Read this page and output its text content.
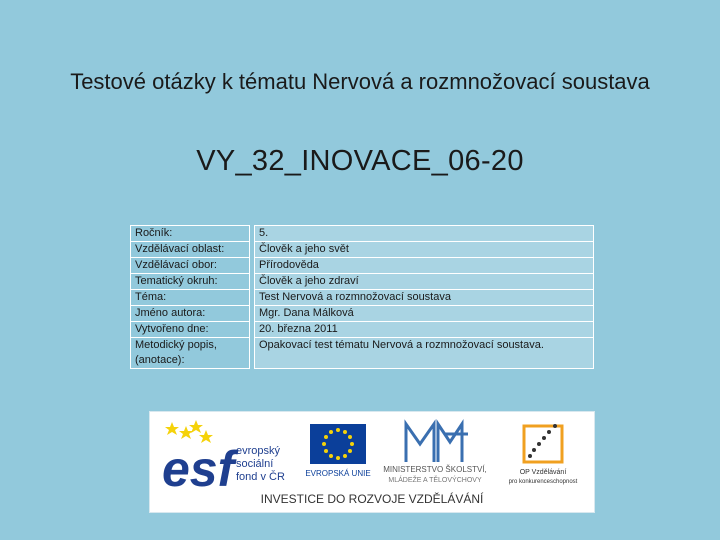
Testové otázky k tématu Nervová a rozmnožovací soustava
VY_32_INOVACE_06-20
Ročník:		5.
Vzdělávací oblast:		Člověk a jeho svět
Vzdělávací obor:		Přírodověda
Tematický okruh:		Člověk a jeho zdraví
Téma:		Test Nervová a rozmnožovací soustava
Jméno autora:		Mgr. Dana Málková
Vytvořeno dne:		20. března 2011
Metodický popis, (anotace):		Opakovací test tématu Nervová a rozmnožovací soustava.
esf evropský
sociální
fond v ČR	EVROPSKÁ UNIE MINISTERSTVO ŠKOLSTVÍ,
MLÁDEŽE A TĚLOVÝCHOVY
OP Vzdělávání
pro konkurenceschopnost
INVESTICE DO ROZVOJE VZDĚLÁVÁNÍ
